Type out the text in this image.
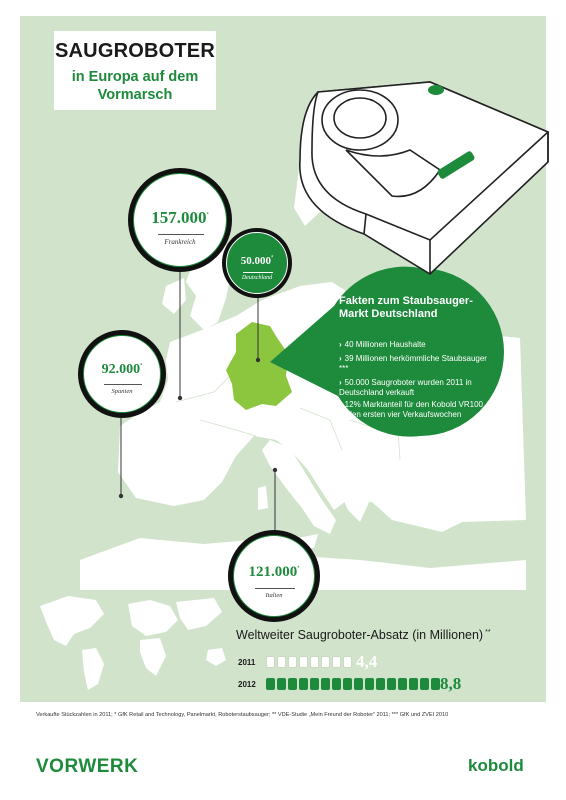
SAUGROBOTER
in Europa auf dem
Vormarsch
157.000*
Frankreich
50.000*
Deutschland
92.000*
Spanien
121.000*
Italien
Fakten zum Staubsauger-Markt Deutschland
› 40 Millionen Haushalte
› 39 Millionen herkömmliche Staubsauger ***
› 50.000 Saugroboter wurden 2011 in Deutschland verkauft
› 12% Marktanteil für den Kobold VR100 in den ersten vier Verkaufswochen
Weltweiter Saugroboter-Absatz (in Millionen) **
2011	4,4
2012	8,8
Verkaufte Stückzahlen in 2011; * GfK Retail and Technology, Panelmarkt, Roboterstaubsauger; ** VDE-Studie „Mein Freund der Roboter“ 2011; *** GfK und ZVEI 2010
VORWERK	kobold
